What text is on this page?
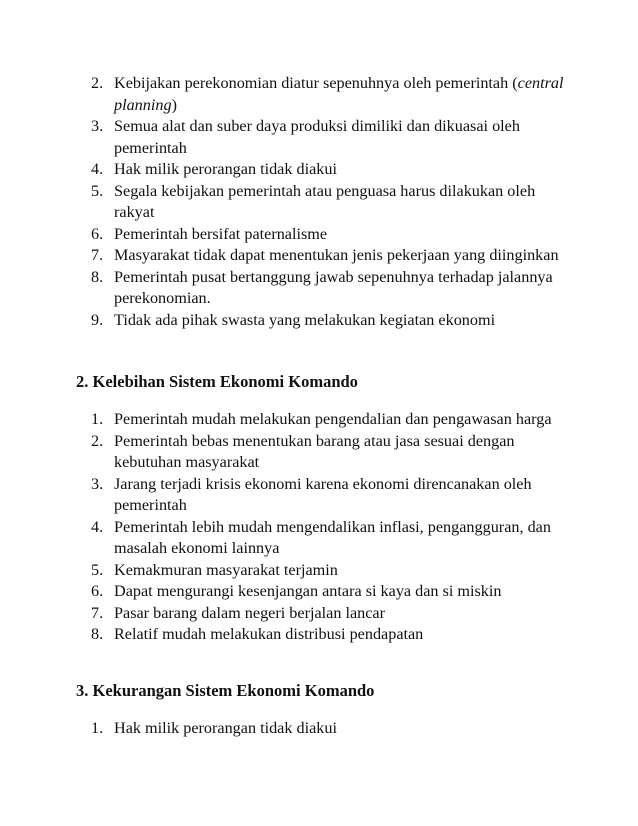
2. Kebijakan perekonomian diatur sepenuhnya oleh pemerintah (central planning)
3. Semua alat dan suber daya produksi dimiliki dan dikuasai oleh pemerintah
4. Hak milik perorangan tidak diakui
5. Segala kebijakan pemerintah atau penguasa harus dilakukan oleh rakyat
6. Pemerintah bersifat paternalisme
7. Masyarakat tidak dapat menentukan jenis pekerjaan yang diinginkan
8. Pemerintah pusat bertanggung jawab sepenuhnya terhadap jalannya perekonomian.
9. Tidak ada pihak swasta yang melakukan kegiatan ekonomi
2. Kelebihan Sistem Ekonomi Komando
1. Pemerintah mudah melakukan pengendalian dan pengawasan harga
2. Pemerintah bebas menentukan barang atau jasa sesuai dengan kebutuhan masyarakat
3. Jarang terjadi krisis ekonomi karena ekonomi direncanakan oleh pemerintah
4. Pemerintah lebih mudah mengendalikan inflasi, pengangguran, dan masalah ekonomi lainnya
5. Kemakmuran masyarakat terjamin
6. Dapat mengurangi kesenjangan antara si kaya dan si miskin
7. Pasar barang dalam negeri berjalan lancar
8. Relatif mudah melakukan distribusi pendapatan
3. Kekurangan Sistem Ekonomi Komando
1. Hak milik perorangan tidak diakui
